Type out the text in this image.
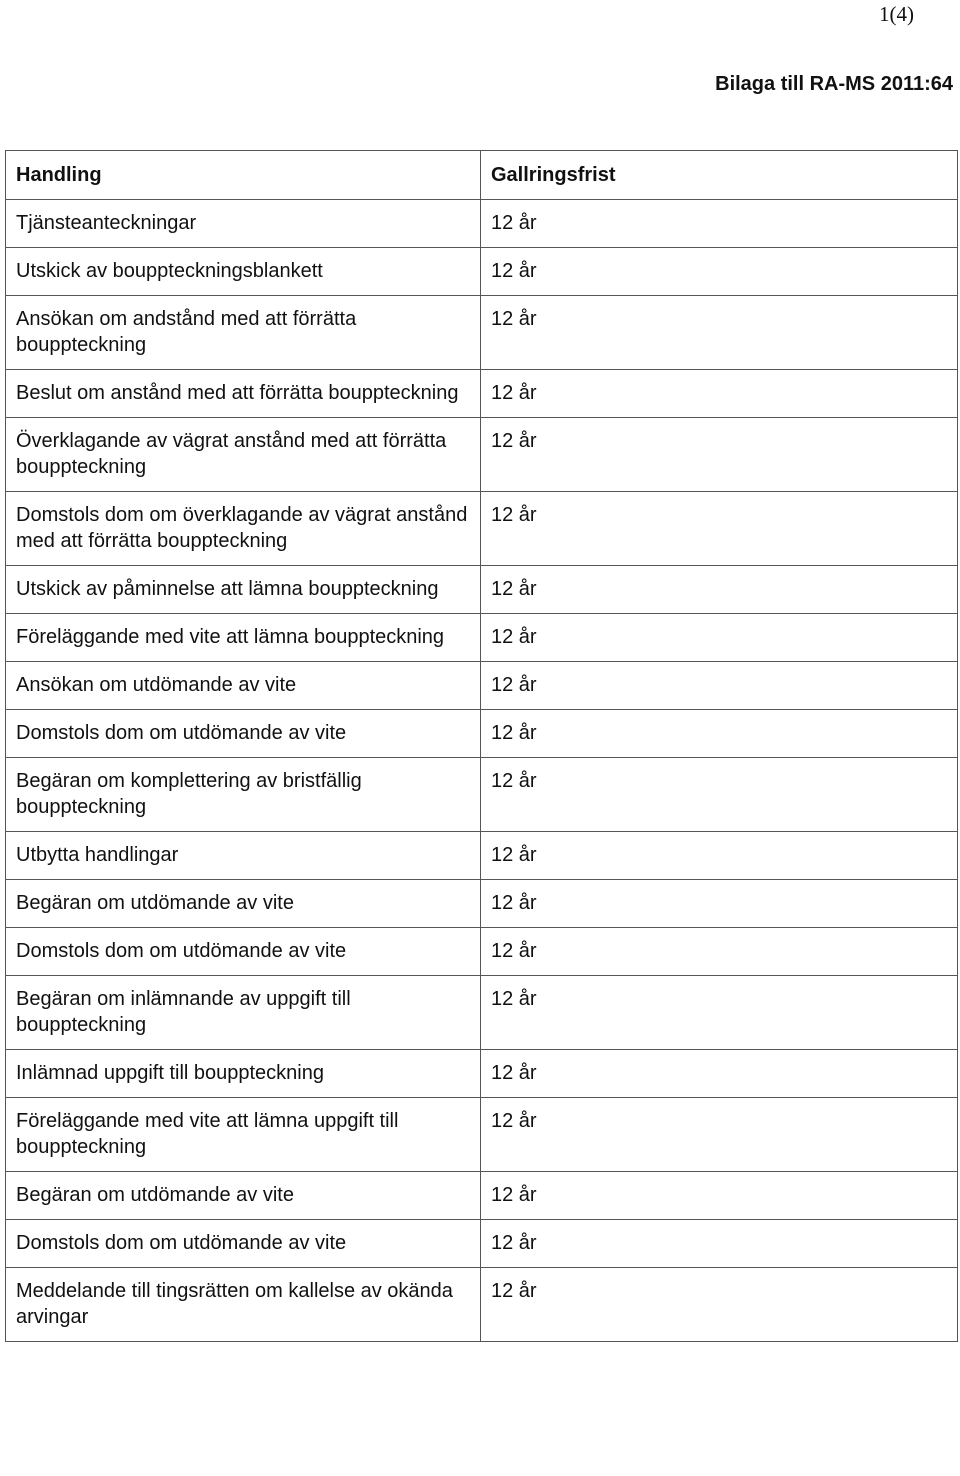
1(4)
Bilaga till RA-MS 2011:64
Handling	Gallringsfrist
Tjänsteanteckningar	12 år
Utskick av bouppteckningsblankett	12 år
Ansökan om andstånd med att förrätta bouppteckning	12 år
Beslut om anstånd med att förrätta bouppteckning	12 år
Överklagande av vägrat anstånd med att förrätta bouppteckning	12 år
Domstols dom om överklagande av vägrat anstånd med att förrätta bouppteckning	12 år
Utskick av påminnelse att lämna bouppteckning	12 år
Föreläggande med vite att lämna bouppteckning	12 år
Ansökan om utdömande av vite	12 år
Domstols dom om utdömande av vite	12 år
Begäran om komplettering av bristfällig bouppteckning	12 år
Utbytta handlingar	12 år
Begäran om utdömande av vite	12 år
Domstols dom om utdömande av vite	12 år
Begäran om inlämnande av uppgift till bouppteckning	12 år
Inlämnad uppgift till bouppteckning	12 år
Föreläggande med vite att lämna uppgift till bouppteckning	12 år
Begäran om utdömande av vite	12 år
Domstols dom om utdömande av vite	12 år
Meddelande till tingsrätten om kallelse av okända arvingar	12 år
